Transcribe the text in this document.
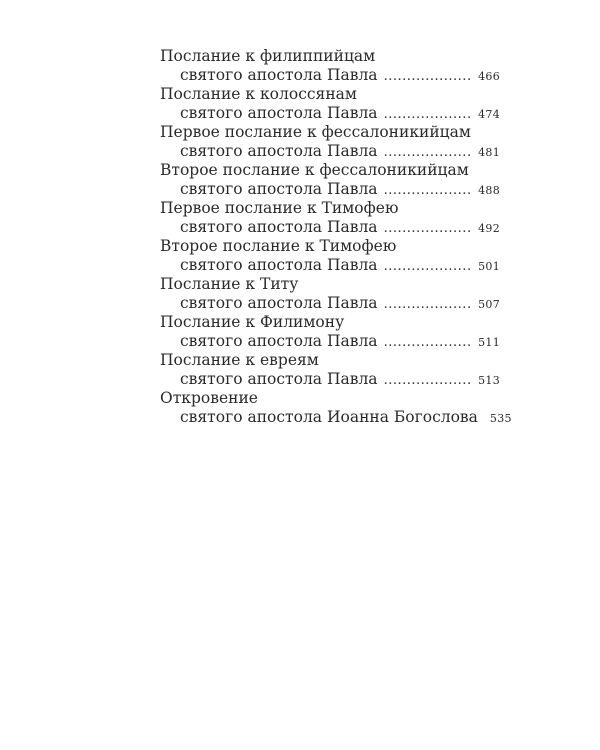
Послание к филиппийцам
святого апостола Павла .....	466
Послание к колоссянам
святого апостола Павла .....	474
Первое послание к фессалоникийцам
святого апостола Павла .....	481
Второе послание к фессалоникийцам
святого апостола Павла .....	488
Первое послание к Тимофею
святого апостола Павла .....	492
Второе послание к Тимофею
святого апостола Павла .....	501
Послание к Титу
святого апостола Павла .....	507
Послание к Филимону
святого апостола Павла .....	511
Послание к евреям
святого апостола Павла .....	513
Откровение
святого апостола Иоанна Богослова 535
